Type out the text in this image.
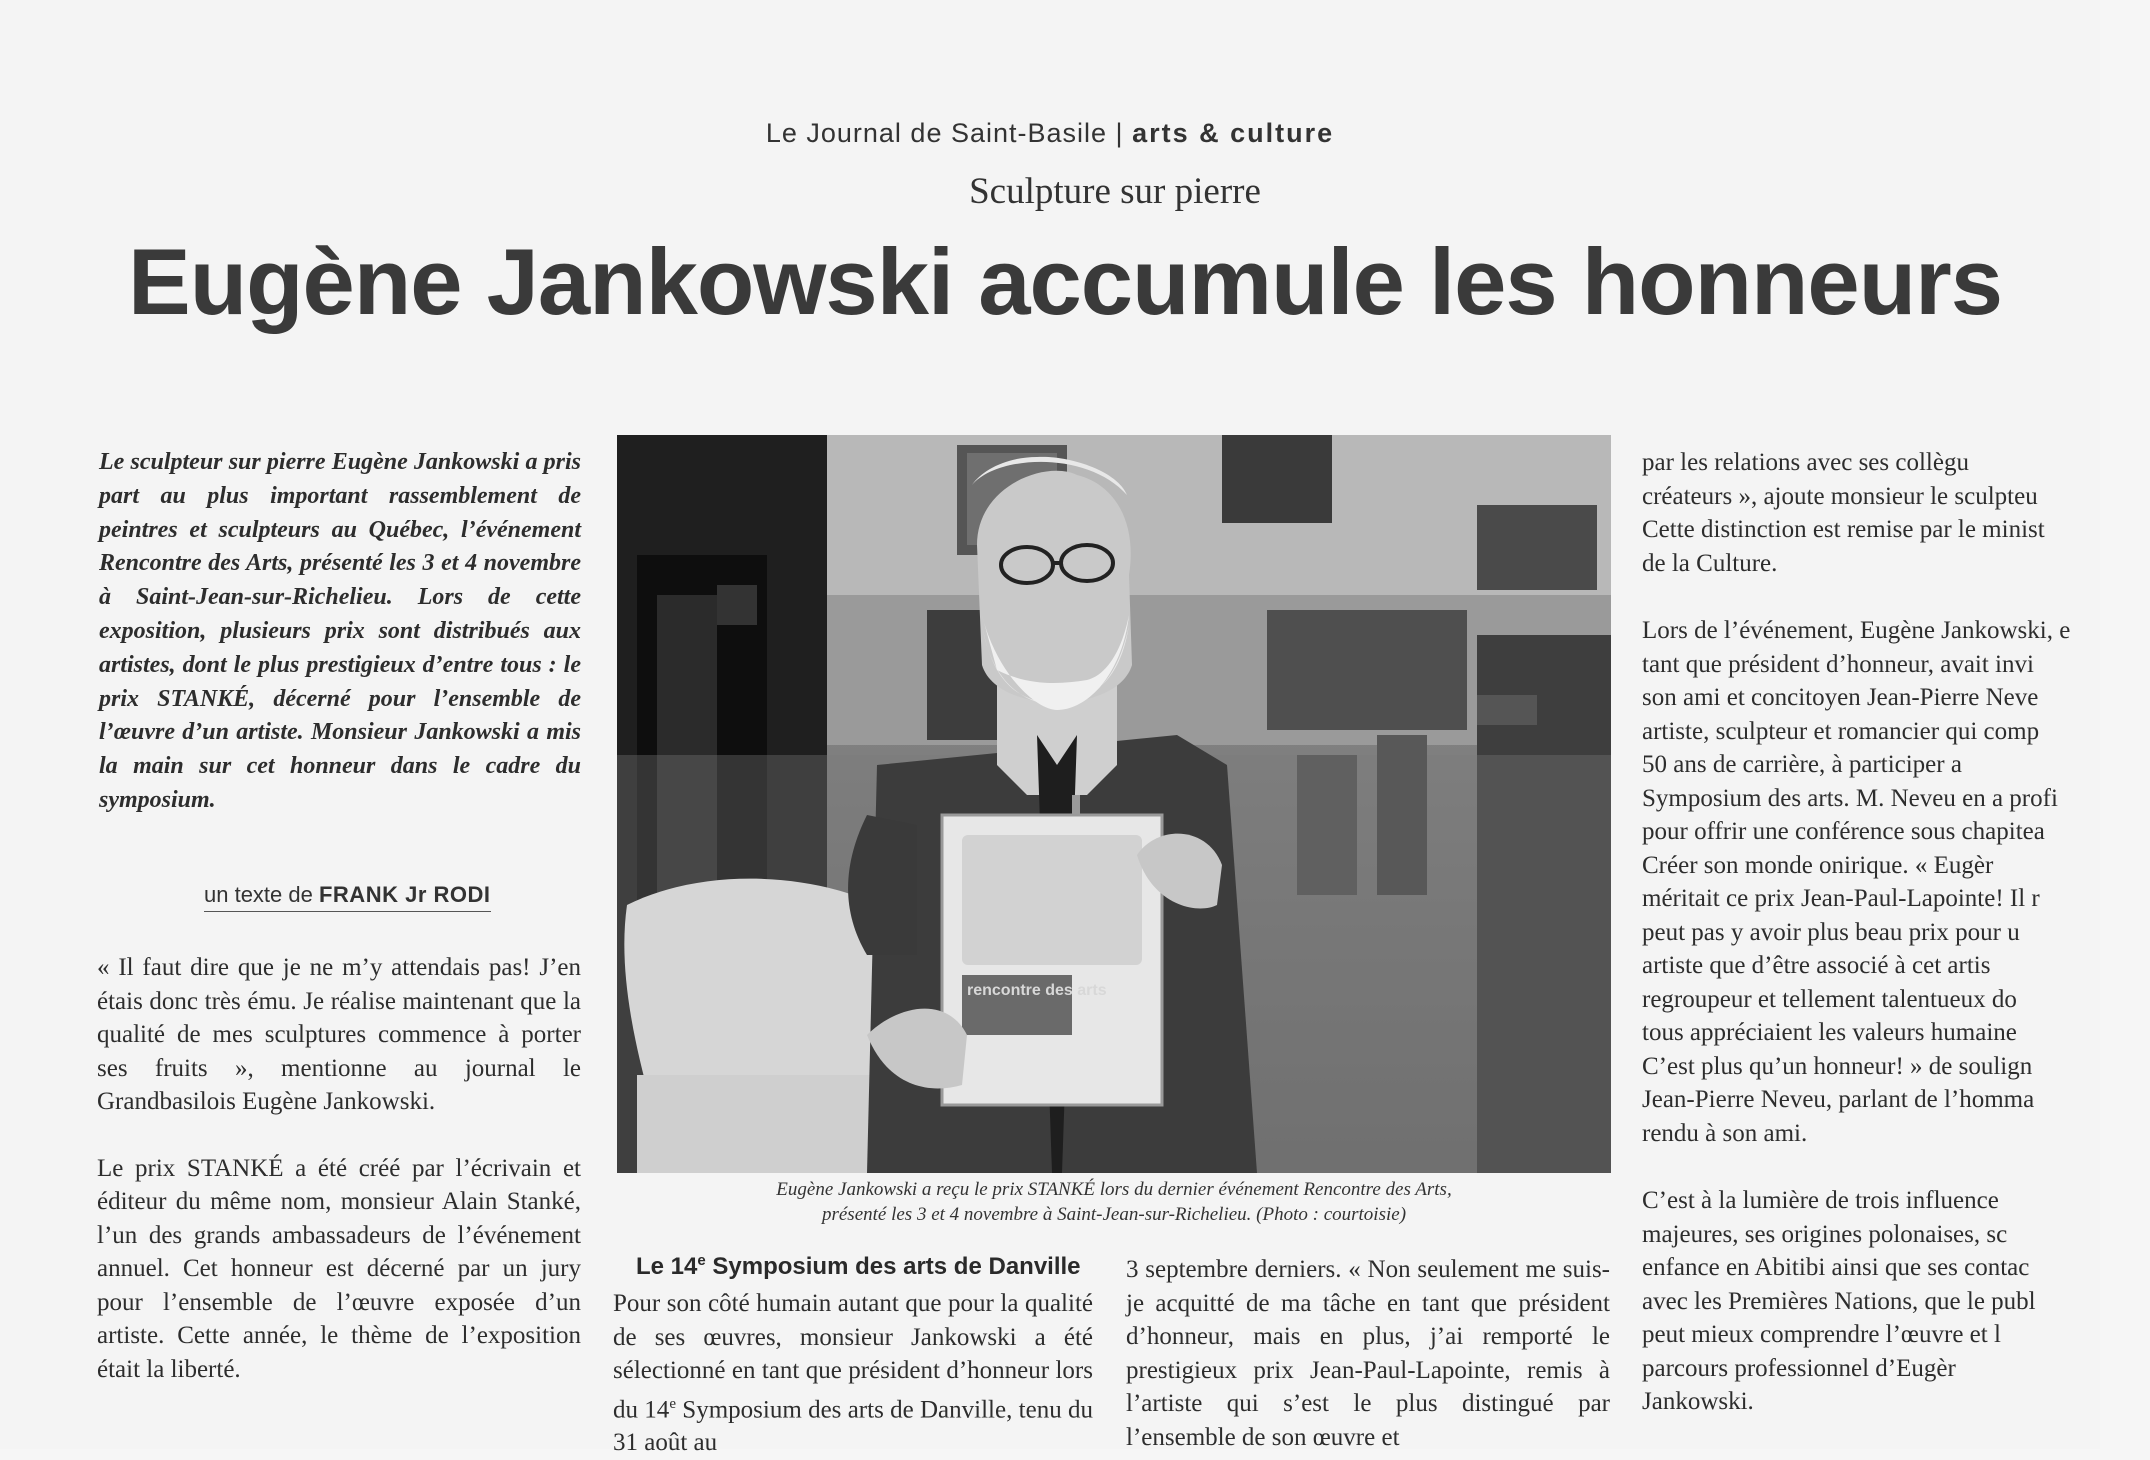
Le Journal de Saint-Basile | arts & culture
Sculpture sur pierre
Eugène Jankowski accumule les honneurs
Le sculpteur sur pierre Eugène Jankowski a pris part au plus important rassemblement de peintres et sculpteurs au Québec, l’événement Rencontre des Arts, présenté les 3 et 4 novembre à Saint-Jean-sur-Richelieu. Lors de cette exposition, plusieurs prix sont distribués aux artistes, dont le plus prestigieux d’entre tous : le prix STANKÉ, décerné pour l’ensemble de l’œuvre d’un artiste. Monsieur Jankowski a mis la main sur cet honneur dans le cadre du symposium.
un texte de FRANK Jr RODI

« Il faut dire que je ne m’y attendais pas! J’en étais donc très ému. Je réalise maintenant que la qualité de mes sculptures commence à porter ses fruits », mentionne au journal le Grandbasilois Eugène Jankowski.

Le prix STANKÉ a été créé par l’écrivain et éditeur du même nom, monsieur Alain Stanké, l’un des grands ambassadeurs de l’événement annuel. Cet honneur est décerné par un jury pour l’ensemble de l’œuvre exposée d’un artiste. Cette année, le thème de l’exposition était la liberté.

rencontre des arts
Eugène Jankowski a reçu le prix STANKÉ lors du dernier événement Rencontre des Arts,
présenté les 3 et 4 novembre à Saint-Jean-sur-Richelieu. (Photo : courtoisie)
Le 14e Symposium des arts de Danville
Pour son côté humain autant que pour la qualité de ses œuvres, monsieur Jankowski a été sélectionné en tant que président d’honneur lors du 14e Symposium des arts de Danville, tenu du 31 août au
3 septembre derniers. « Non seulement me suis-je acquitté de ma tâche en tant que président d’honneur, mais en plus, j’ai remporté le prestigieux prix Jean-Paul-Lapointe, remis à l’artiste qui s’est le plus distingué par l’ensemble de son œuvre et
par les relations avec ses collègu
créateurs », ajoute monsieur le sculpteu
Cette distinction est remise par le minist
de la Culture.
Lors de l’événement, Eugène Jankowski, e
tant que président d’honneur, avait invi
son ami et concitoyen Jean-Pierre Neve
artiste, sculpteur et romancier qui comp
50 ans de carrière, à participer a
Symposium des arts. M. Neveu en a profi
pour offrir une conférence sous chapitea
Créer son monde onirique. « Eugèr
méritait ce prix Jean-Paul-Lapointe! Il r
peut pas y avoir plus beau prix pour u
artiste que d’être associé à cet artis
regroupeur et tellement talentueux do
tous appréciaient les valeurs humaine
C’est plus qu’un honneur! » de soulign
Jean-Pierre Neveu, parlant de l’homma
rendu à son ami.
C’est à la lumière de trois influence
majeures, ses origines polonaises, sc
enfance en Abitibi ainsi que ses contac
avec les Premières Nations, que le publ
peut mieux comprendre l’œuvre et l
parcours professionnel d’Eugèr
Jankowski.
